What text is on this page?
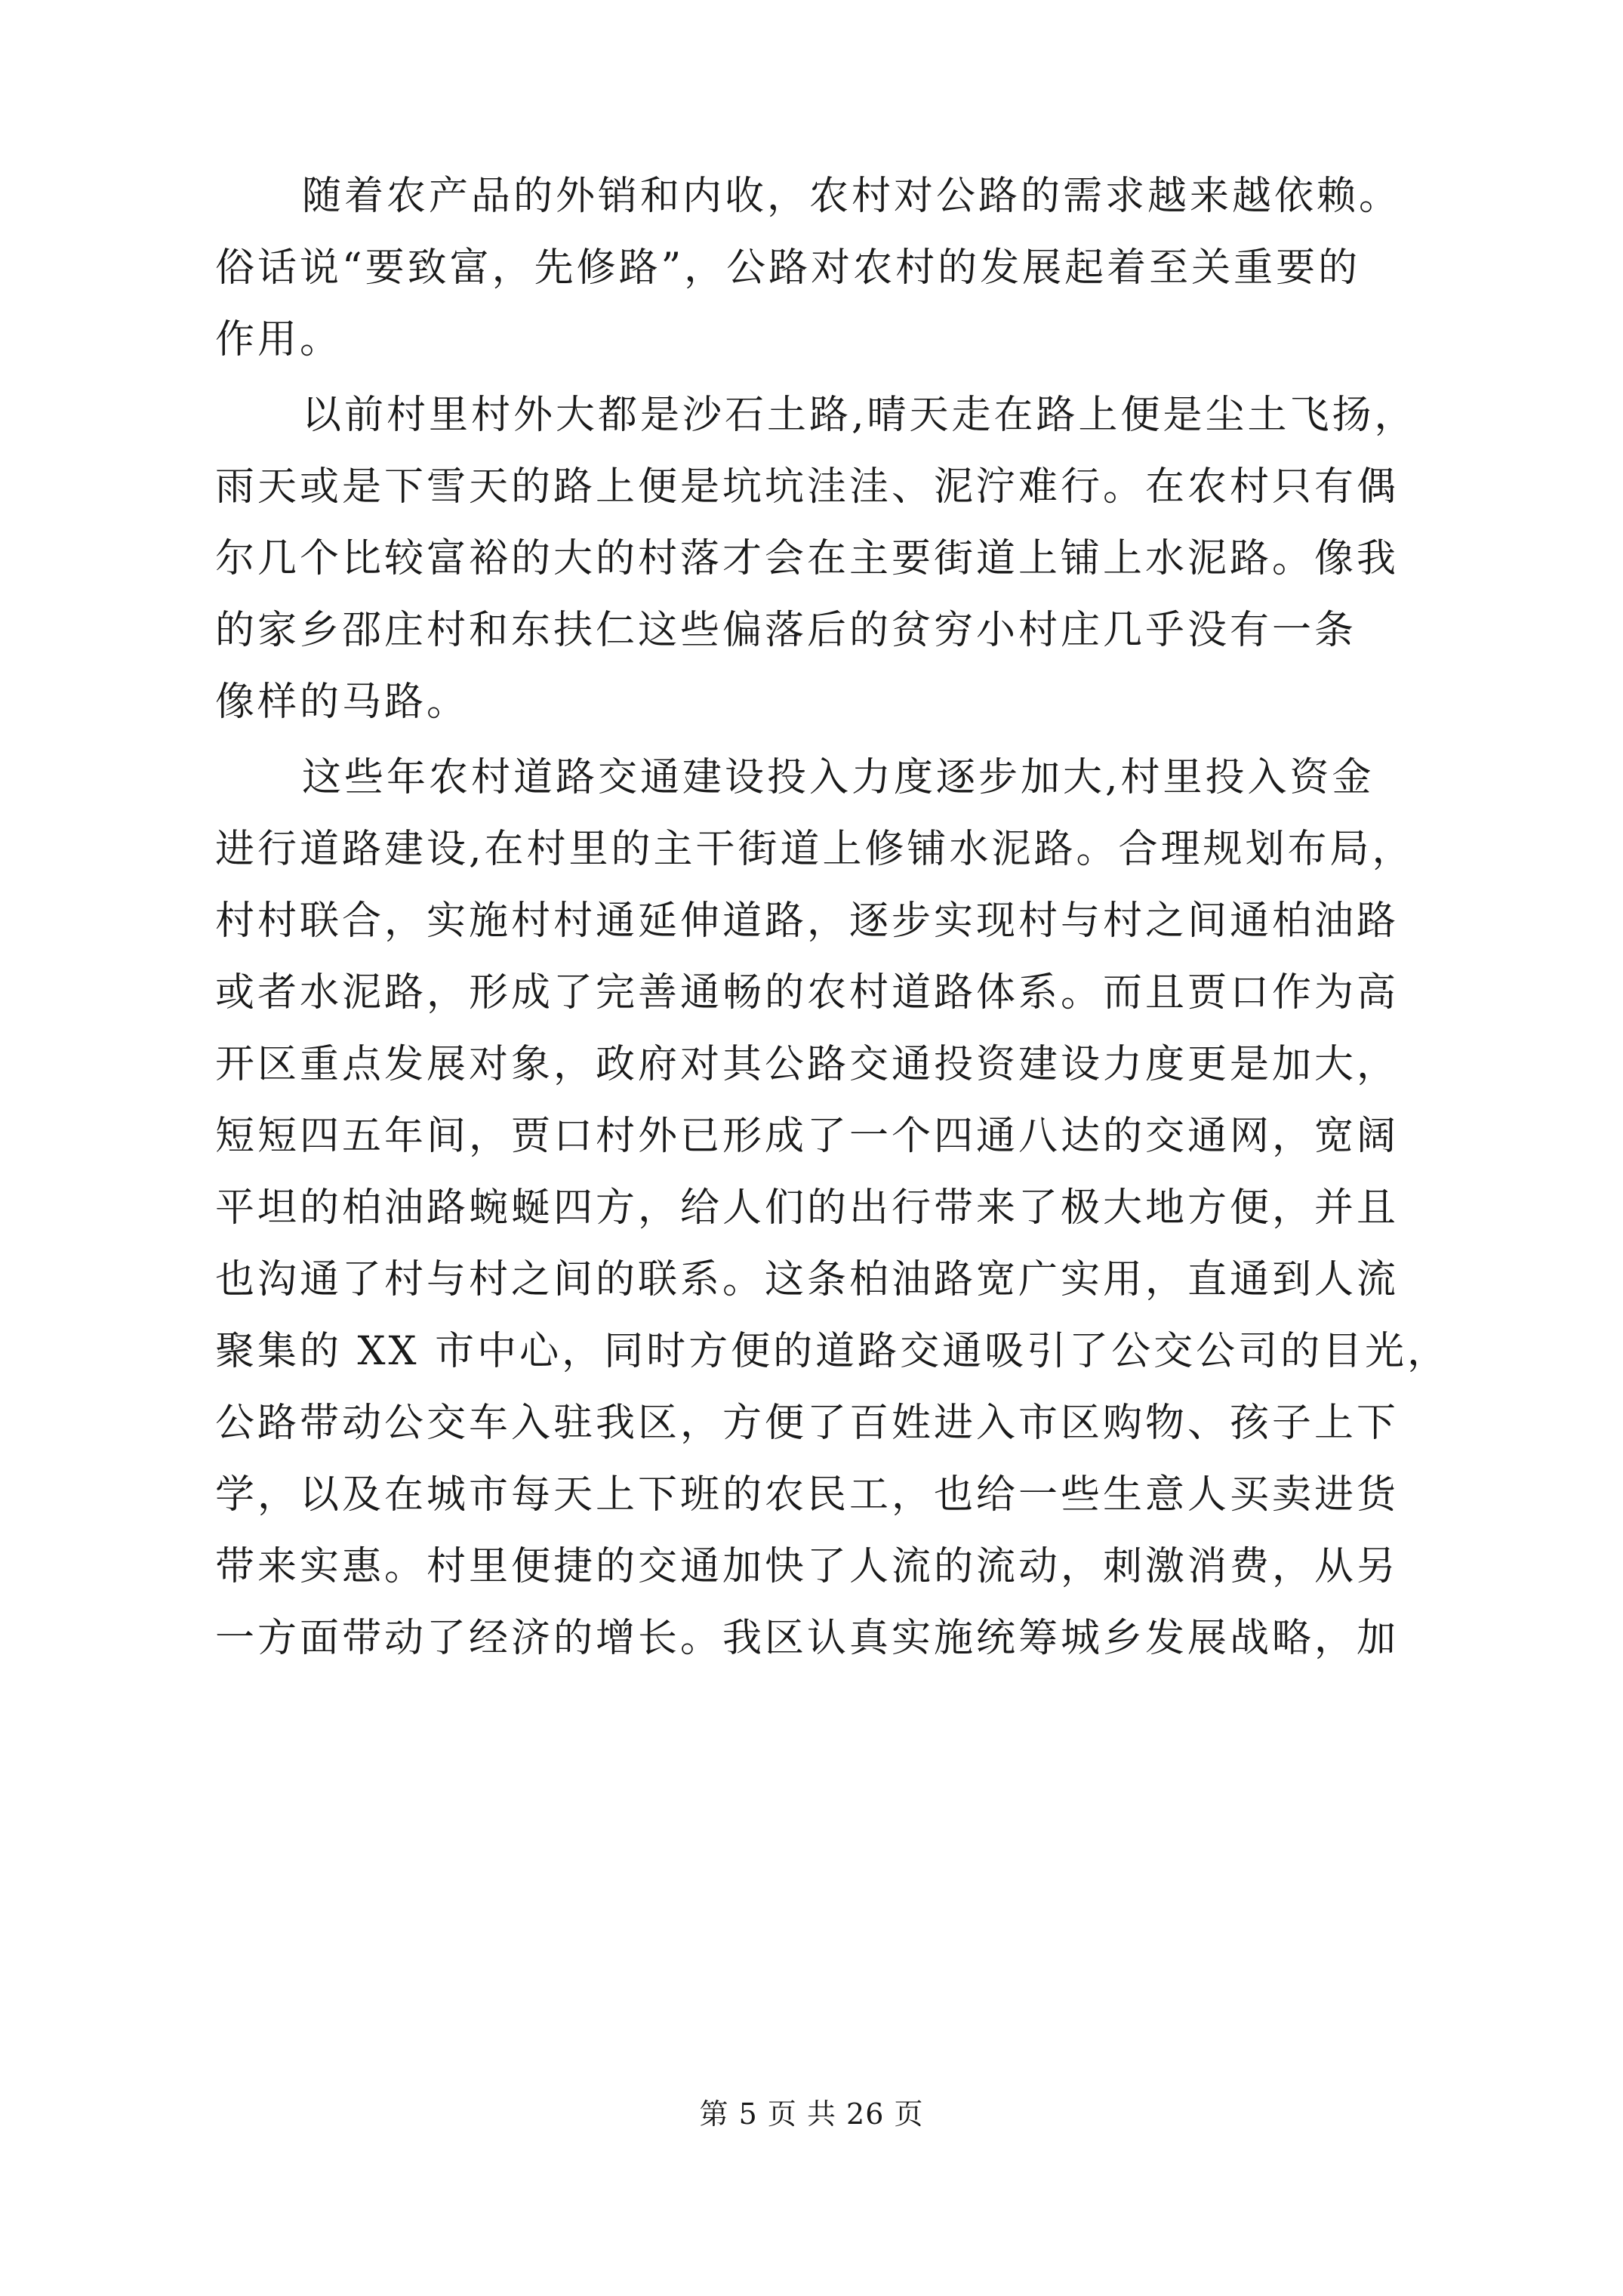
随着农产品的外销和内收，农村对公路的需求越来越依赖。
俗话说“要致富，先修路”，公路对农村的发展起着至关重要的
作用。
以前村里村外大都是沙石土路,晴天走在路上便是尘土飞扬，
雨天或是下雪天的路上便是坑坑洼洼、泥泞难行。在农村只有偶
尔几个比较富裕的大的村落才会在主要街道上铺上水泥路。像我
的家乡邵庄村和东扶仁这些偏落后的贫穷小村庄几乎没有一条
像样的马路。
这些年农村道路交通建设投入力度逐步加大,村里投入资金
进行道路建设,在村里的主干街道上修铺水泥路。合理规划布局，
村村联合，实施村村通延伸道路，逐步实现村与村之间通柏油路
或者水泥路，形成了完善通畅的农村道路体系。而且贾口作为高
开区重点发展对象，政府对其公路交通投资建设力度更是加大，
短短四五年间，贾口村外已形成了一个四通八达的交通网，宽阔
平坦的柏油路蜿蜒四方，给人们的出行带来了极大地方便，并且
也沟通了村与村之间的联系。这条柏油路宽广实用，直通到人流
聚集的 XX 市中心，同时方便的道路交通吸引了公交公司的目光，
公路带动公交车入驻我区，方便了百姓进入市区购物、孩子上下
学，以及在城市每天上下班的农民工，也给一些生意人买卖进货
带来实惠。村里便捷的交通加快了人流的流动，刺激消费，从另
一方面带动了经济的增长。我区认真实施统筹城乡发展战略，加
第 5 页 共 26 页
